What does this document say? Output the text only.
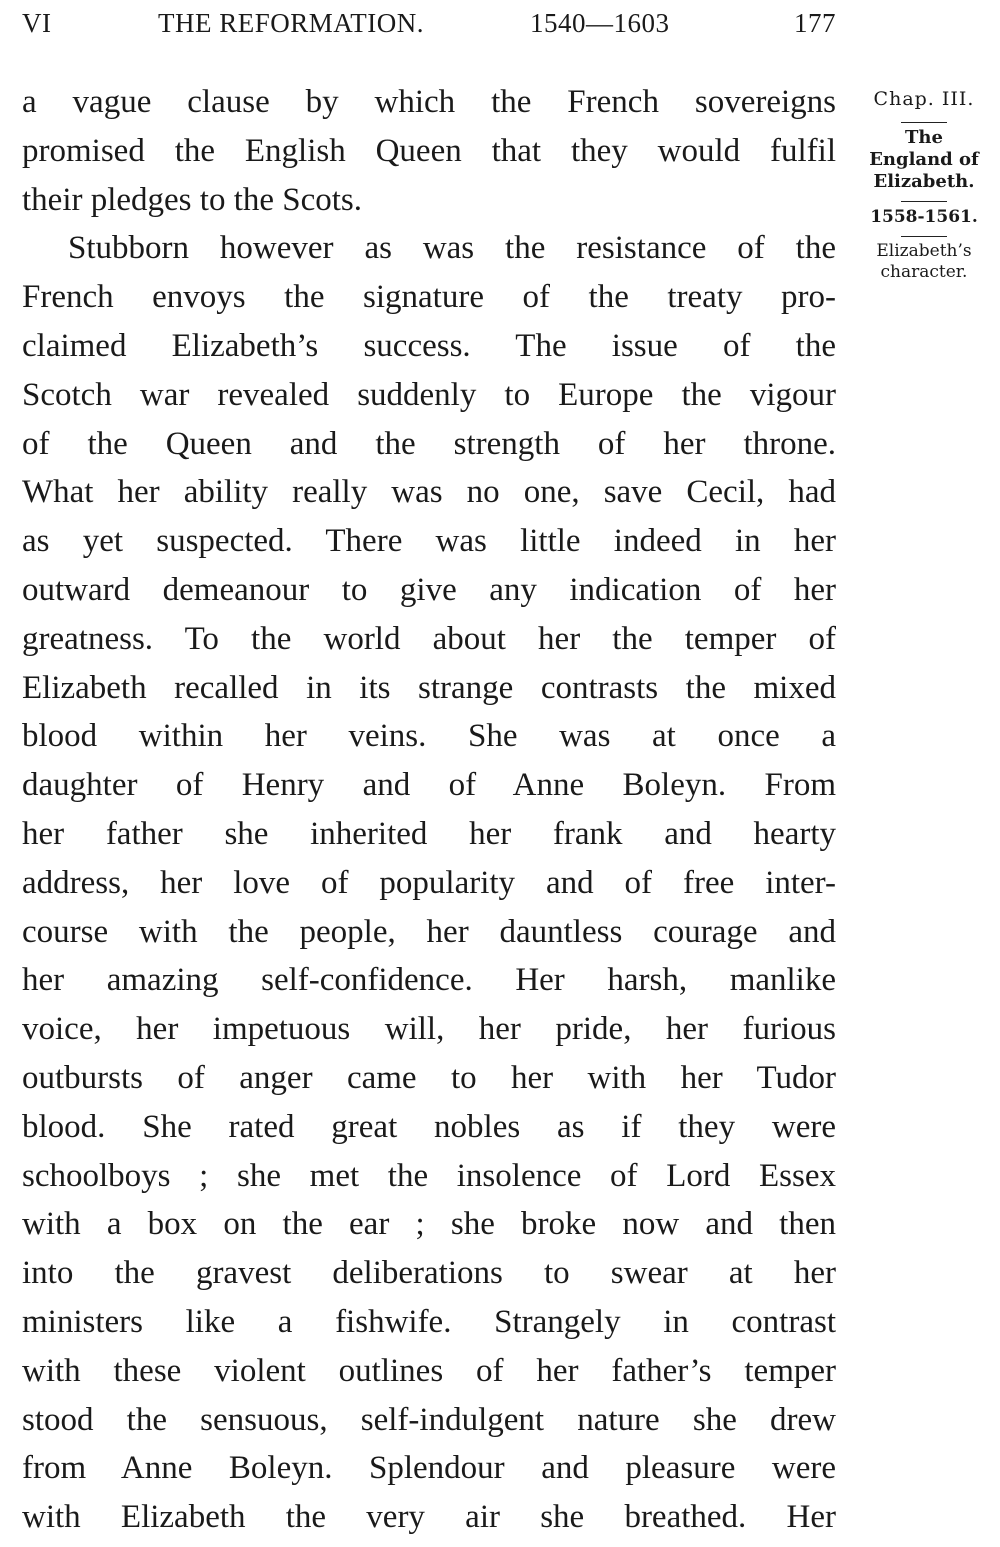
VI	THE REFORMATION.	1540—1603	177
a vague clause by which the French sovereigns
promised the English Queen that they would fulfil
their pledges to the Scots.
Stubborn however as was the resistance of the
French envoys the signature of the treaty pro-
claimed Elizabeth’s success. The issue of the
Scotch war revealed suddenly to Europe the vigour
of the Queen and the strength of her throne.
What her ability really was no one, save Cecil, had
as yet suspected. There was little indeed in her
outward demeanour to give any indication of her
greatness. To the world about her the temper of
Elizabeth recalled in its strange contrasts the mixed
blood within her veins. She was at once a
daughter of Henry and of Anne Boleyn. From
her father she inherited her frank and hearty
address, her love of popularity and of free inter-
course with the people, her dauntless courage and
her amazing self-confidence. Her harsh, manlike
voice, her impetuous will, her pride, her furious
outbursts of anger came to her with her Tudor
blood. She rated great nobles as if they were
schoolboys ; she met the insolence of Lord Essex
with a box on the ear ; she broke now and then
into the gravest deliberations to swear at her
ministers like a fishwife. Strangely in contrast
with these violent outlines of her father’s temper
stood the sensuous, self-indulgent nature she drew
from Anne Boleyn. Splendour and pleasure were
with Elizabeth the very air she breathed. Her
Chap. III.
The
England of
Elizabeth.
1558-1561.
Elizabeth’s
character.
